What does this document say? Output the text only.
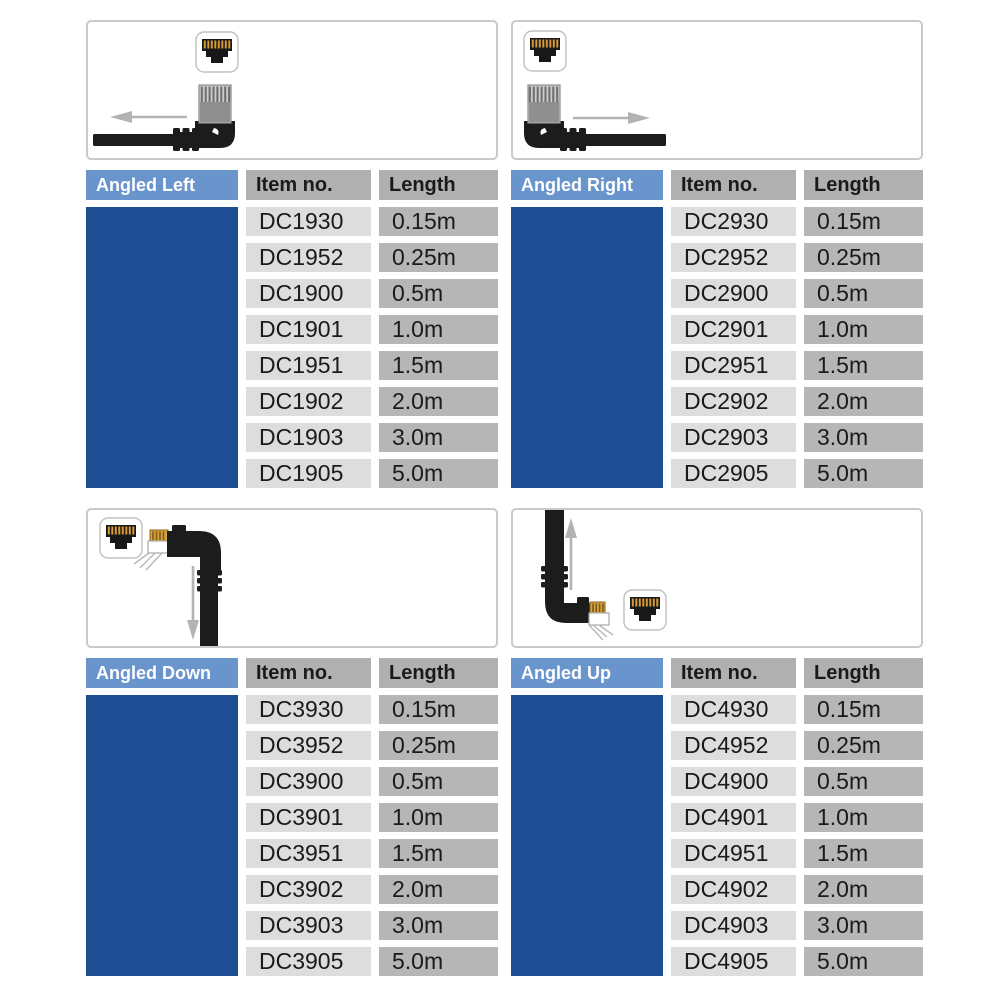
Angled Left	Item no.	Length
DC1930	0.15m
DC1952	0.25m
DC1900	0.5m
DC1901	1.0m
DC1951	1.5m
DC1902	2.0m
DC1903	3.0m
DC1905	5.0m
Angled Right	Item no.	Length
DC2930	0.15m
DC2952	0.25m
DC2900	0.5m
DC2901	1.0m
DC2951	1.5m
DC2902	2.0m
DC2903	3.0m
DC2905	5.0m
Angled Down	Item no.	Length
DC3930	0.15m
DC3952	0.25m
DC3900	0.5m
DC3901	1.0m
DC3951	1.5m
DC3902	2.0m
DC3903	3.0m
DC3905	5.0m
Angled Up	Item no.	Length
DC4930	0.15m
DC4952	0.25m
DC4900	0.5m
DC4901	1.0m
DC4951	1.5m
DC4902	2.0m
DC4903	3.0m
DC4905	5.0m
